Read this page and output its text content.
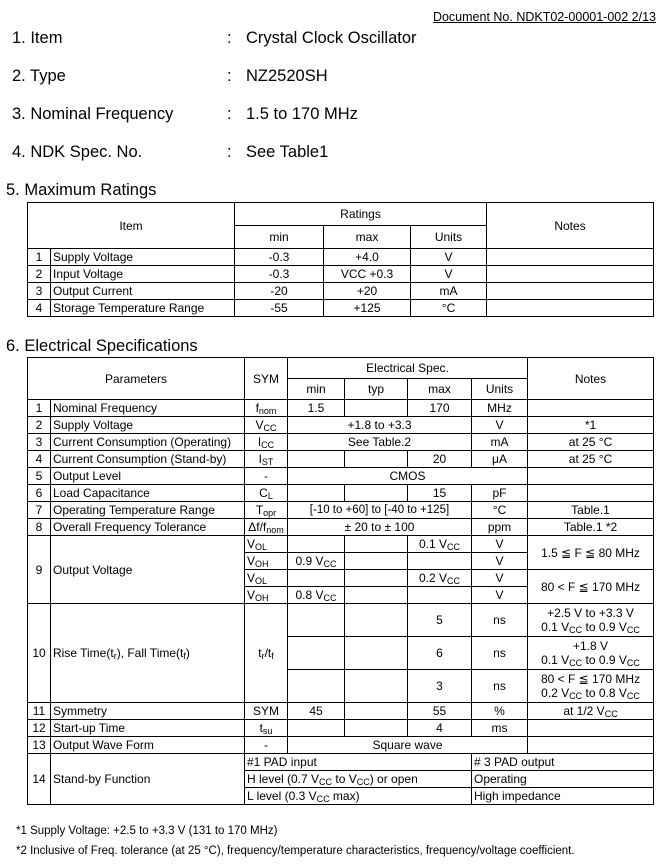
Document No. NDKT02-00001-002 2/13
1. Item	: Crystal Clock Oscillator
2. Type	: NZ2520SH
3. Nominal Frequency	: 1.5 to 170 MHz
4. NDK Spec. No.	: See Table1
5. Maximum Ratings
Item		Ratings			Notes
		min	max	Units	
1	Supply Voltage	-0.3	+4.0	V	
2	Input Voltage	-0.3	VCC +0.3	V	
3	Output Current	-20	+20	mA	
4	Storage Temperature Range	-55	+125	°C	
6. Electrical Specifications
Parameters		SYM	Electrical Spec.				Notes
			min	typ	max	Units	
1	Nominal Frequency	$f_{nom}$	1.5		170	MHz	
2	Supply Voltage	$V_{CC}$	+1.8 to +3.3			V	*1
3	Current Consumption (Operating)	$I_{CC}$	See Table.2			mA	at 25 °C
4	Current Consumption (Stand-by)	$I_{ST}$			20	μA	at 25 °C
5	Output Level	-	CMOS				
6	Load Capacitance	$C_L$			15	pF	
7	Operating Temperature Range	$T_{opr}$	[-10 to +60] to [-40 to +125]			°C	Table.1
8	Overall Frequency Tolerance	$\Delta f/f_{nom}$	± 20 to ± 100			ppm	Table.1 *2
9	Output Voltage	$V_{OL}$			0.1 $V_{CC}$	V	1.5 ≦ F ≦ 80 MHz
		$V_{OH}$	0.9 $V_{CC}$			V	
		$V_{OL}$			0.2 $V_{CC}$	V	80 < F ≦ 170 MHz
		$V_{OH}$	0.8 $V_{CC}$			V	
10	Rise $Time(t_r)$, Fall $Time(t_f)$	$t_r/t_f$			5	ns	+2.5 V to +3.3 V
0.1 $V_{CC}$ to 0.9 $V_{CC}$
					6	ns	+1.8 V
0.1 $V_{CC}$ to 0.9 $V_{CC}$
					3	ns	80 < F ≦ 170 MHz
0.2 $V_{CC}$ to 0.8 $V_{CC}$
11	Symmetry	SYM	45		55	%	at 1/2 $V_{CC}$
12	Start-up Time	$t_{su}$			4	ms	
13	Output Wave Form	-	Square wave				
14	Stand-by Function	#1 PAD input				# 3 PAD output	
		H level (0.7 $V_{CC}$ to $V_{CC}$) or open				Operating	
		L level (0.3 $V_{CC}$ max)				High impedance	
*1 Supply Voltage: +2.5 to +3.3 V (131 to 170 MHz)
*2 Inclusive of Freq. tolerance (at 25 °C), frequency/temperature characteristics, frequency/voltage coefficient.
